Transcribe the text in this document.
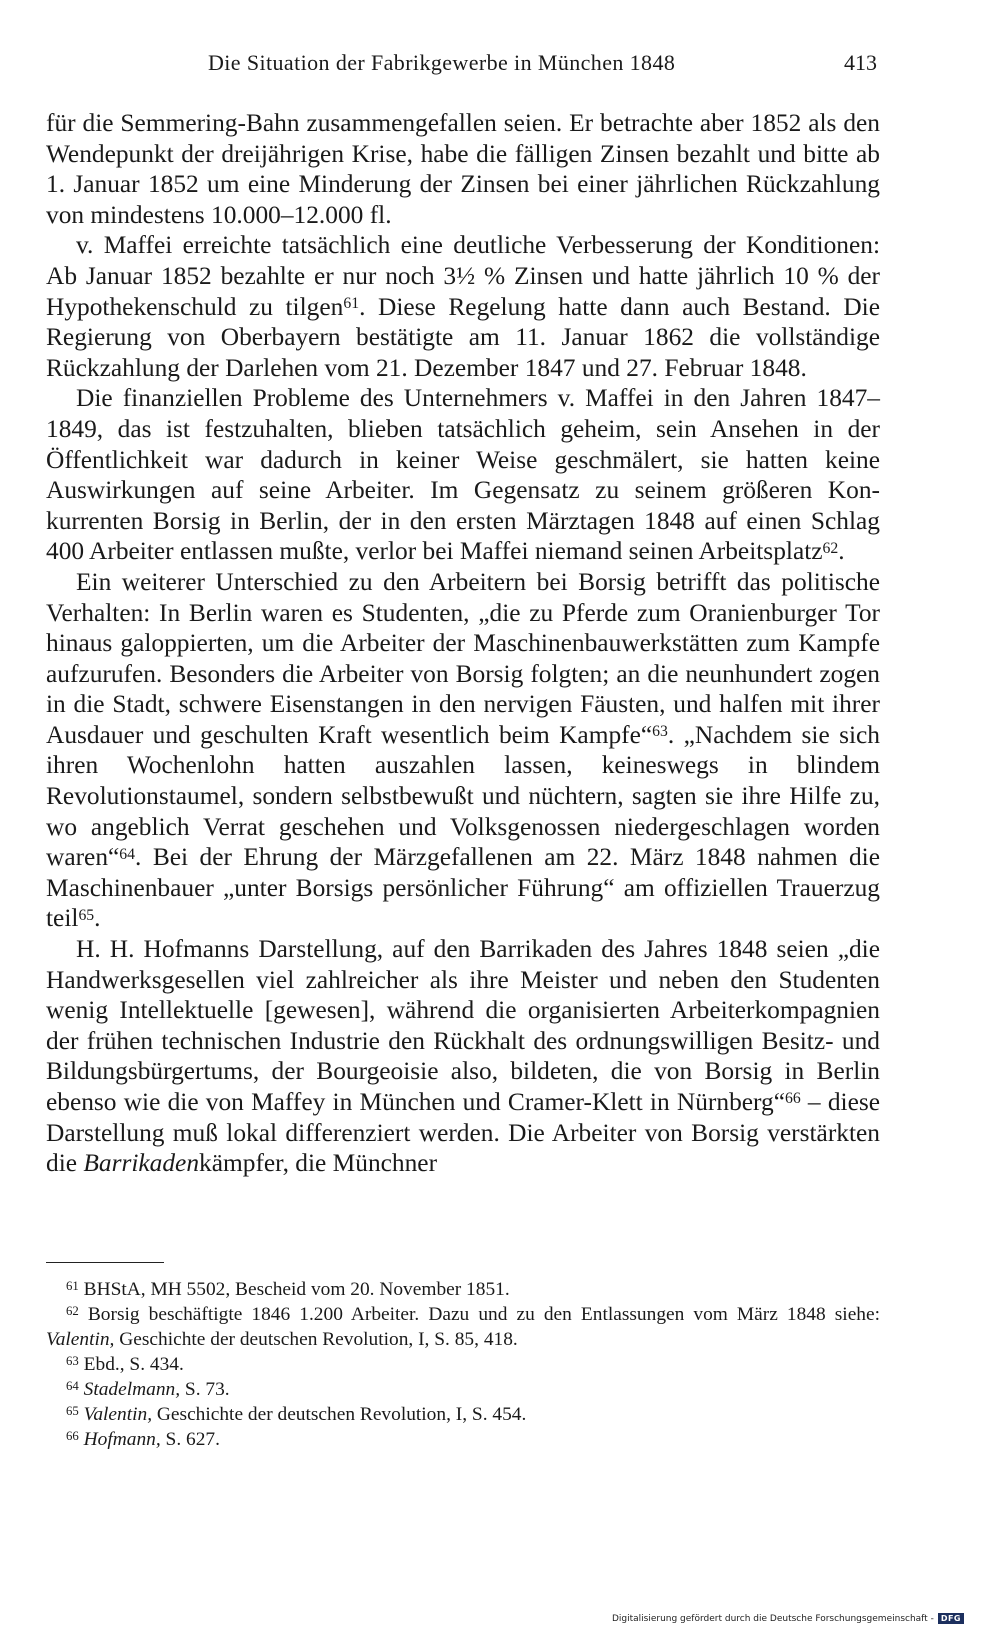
Die Situation der Fabrikgewerbe in München 1848	413

für die Semmering-Bahn zusammengefallen seien. Er betrachte aber 1852 als den Wendepunkt der dreijährigen Krise, habe die fälligen Zinsen bezahlt und bitte ab 1. Januar 1852 um eine Minderung der Zinsen bei einer jährlichen Rückzahlung von mindestens 10.000–12.000 fl.

v. Maffei erreichte tatsächlich eine deutliche Verbesserung der Konditionen: Ab Januar 1852 bezahlte er nur noch 3½ % Zinsen und hatte jährlich 10 % der Hypothekenschuld zu tilgen$^{61}$. Diese Regelung hatte dann auch Bestand. Die Regierung von Oberbayern bestätigte am 11. Januar 1862 die vollständige Rückzahlung der Darlehen vom 21. Dezember 1847 und 27. Februar 1848.

Die finanziellen Probleme des Unternehmers v. Maffei in den Jahren 1847–1849, das ist festzuhalten, blieben tatsächlich geheim, sein Ansehen in der Öffentlichkeit war dadurch in keiner Weise geschmälert, sie hatten keine Auswirkungen auf seine Arbeiter. Im Gegensatz zu seinem größeren Konkurrenten Borsig in Berlin, der in den ersten Märztagen 1848 auf einen Schlag 400 Arbeiter entlassen mußte, verlor bei Maffei niemand seinen Arbeitsplatz$^{62}$.

Ein weiterer Unterschied zu den Arbeitern bei Borsig betrifft das politische Verhalten: In Berlin waren es Studenten, „die zu Pferde zum Oranienburger Tor hinaus galoppierten, um die Arbeiter der Maschinenbauwerkstätten zum Kampfe aufzurufen. Besonders die Arbeiter von Borsig folgten; an die neunhundert zogen in die Stadt, schwere Eisenstangen in den nervigen Fäusten, und halfen mit ihrer Ausdauer und geschulten Kraft wesentlich beim Kampfe“$^{63}$. „Nachdem sie sich ihren Wochenlohn hatten auszahlen lassen, keineswegs in blindem Revolutionstaumel, sondern selbstbewußt und nüchtern, sagten sie ihre Hilfe zu, wo angeblich Verrat geschehen und Volksgenossen niedergeschlagen worden waren“$^{64}$. Bei der Ehrung der Märzgefallenen am 22. März 1848 nahmen die Maschinenbauer „unter Borsigs persönlicher Führung“ am offiziellen Trauerzug teil$^{65}$.

H. H. Hofmanns Darstellung, auf den Barrikaden des Jahres 1848 seien „die Handwerksgesellen viel zahlreicher als ihre Meister und neben den Studenten wenig Intellektuelle [gewesen], während die organisierten Arbeiterkompagnien der frühen technischen Industrie den Rückhalt des ordnungswilligen Besitz- und Bildungsbürgertums, der Bourgeoisie also, bildeten, die von Borsig in Berlin ebenso wie die von Maffey in München und Cramer-Klett in Nürnberg“$^{66}$ – diese Darstellung muß lokal differenziert werden. Die Arbeiter von Borsig verstärkten die Barrikadenkämpfer, die Münchner

$^{61}$ BHStA, MH 5502, Bescheid vom 20. November 1851.

$^{62}$ Borsig beschäftigte 1846 1.200 Arbeiter. Dazu und zu den Entlassungen vom März 1848 siehe: Valentin, Geschichte der deutschen Revolution, I, S. 85, 418.

$^{63}$ Ebd., S. 434.

$^{64}$ Stadelmann, S. 73.

$^{65}$ Valentin, Geschichte der deutschen Revolution, I, S. 454.

$^{66}$ Hofmann, S. 627.

Digitalisierung gefördert durch die Deutsche Forschungsgemeinschaft - DFG
